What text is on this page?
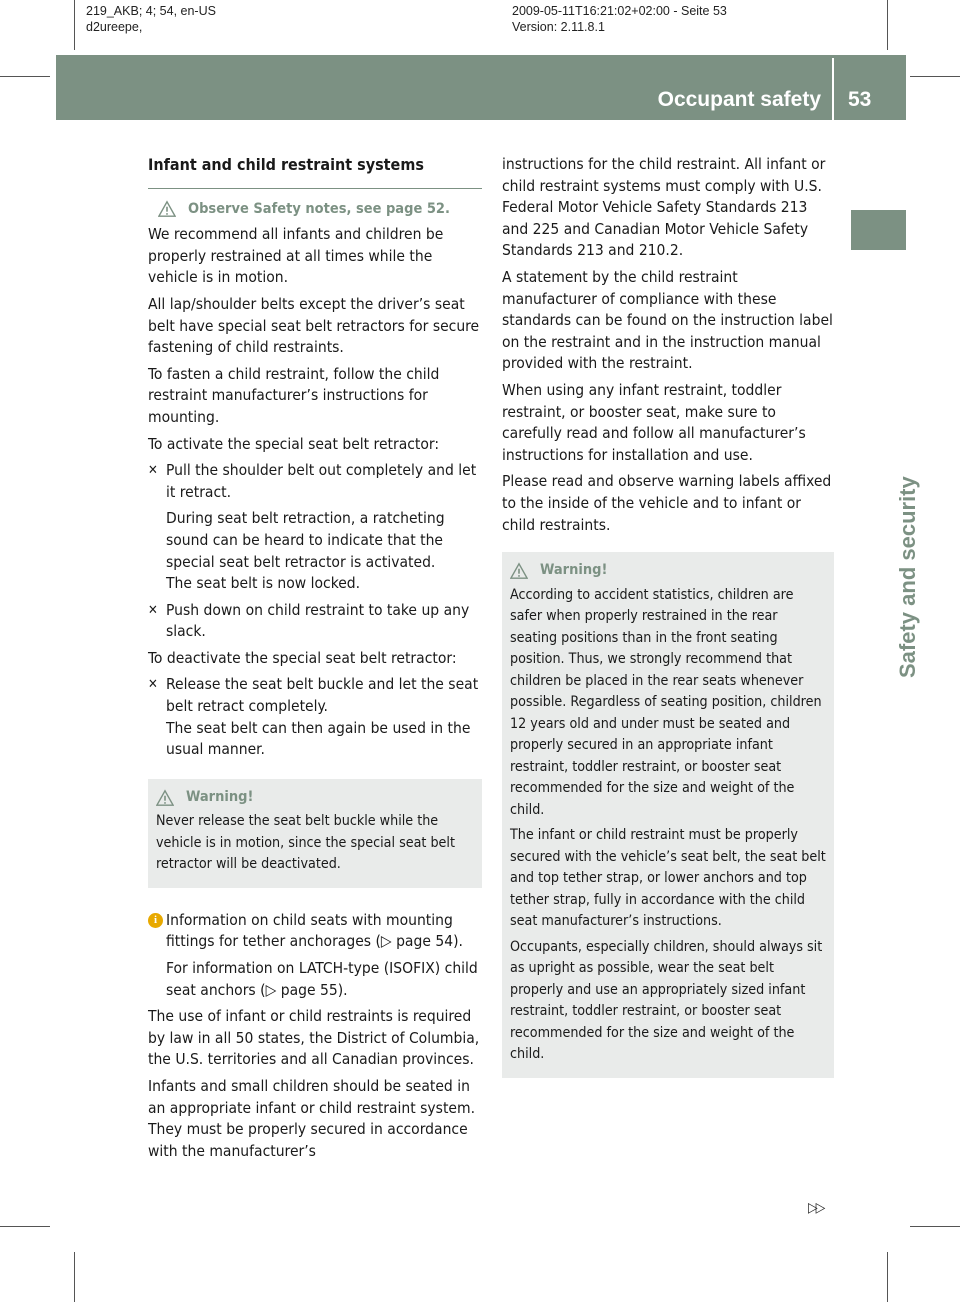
219_AKB; 4; 54, en-US
d2ureepe,
2009-05-11T16:21:02+02:00 - Seite 53
Version: 2.11.8.1
Occupant safety 53
Safety and security
Infant and child restraint systems
Observe Safety notes, see page 52.

We recommend all infants and children be properly restrained at all times while the vehicle is in motion.

All lap/shoulder belts except the driver’s seat belt have special seat belt retractors for secure fastening of child restraints.

To fasten a child restraint, follow the child restraint manufacturer’s instructions for mounting.

To activate the special seat belt retractor:

✕ Pull the shoulder belt out completely and let it retract.
During seat belt retraction, a ratcheting sound can be heard to indicate that the special seat belt retractor is activated.
The seat belt is now locked.
✕ Push down on child restraint to take up any slack.

To deactivate the special seat belt retractor:

✕ Release the seat belt buckle and let the seat belt retract completely.
The seat belt can then again be used in the usual manner.
Warning!

Never release the seat belt buckle while the vehicle is in motion, since the special seat belt retractor will be deactivated.

i Information on child seats with mounting fittings for tether anchorages (▷ page 54).
For information on LATCH-type (ISOFIX) child seat anchors (▷ page 55).

The use of infant or child restraints is required by law in all 50 states, the District of Columbia, the U.S. territories and all Canadian provinces.

Infants and small children should be seated in an appropriate infant or child restraint system. They must be properly secured in accordance with the manufacturer’s

instructions for the child restraint. All infant or child restraint systems must comply with U.S. Federal Motor Vehicle Safety Standards 213 and 225 and Canadian Motor Vehicle Safety Standards 213 and 210.2.

A statement by the child restraint manufacturer of compliance with these standards can be found on the instruction label on the restraint and in the instruction manual provided with the restraint.

When using any infant restraint, toddler restraint, or booster seat, make sure to carefully read and follow all manufacturer’s instructions for installation and use.

Please read and observe warning labels affixed to the inside of the vehicle and to infant or child restraints.

Warning!

According to accident statistics, children are safer when properly restrained in the rear seating positions than in the front seating position. Thus, we strongly recommend that children be placed in the rear seats whenever possible. Regardless of seating position, children 12 years old and under must be seated and properly secured in an appropriate infant restraint, toddler restraint, or booster seat recommended for the size and weight of the child.

The infant or child restraint must be properly secured with the vehicle’s seat belt, the seat belt and top tether strap, or lower anchors and top tether strap, fully in accordance with the child seat manufacturer’s instructions.

Occupants, especially children, should always sit as upright as possible, wear the seat belt properly and use an appropriately sized infant restraint, toddler restraint, or booster seat recommended for the size and weight of the child.

▷▷
